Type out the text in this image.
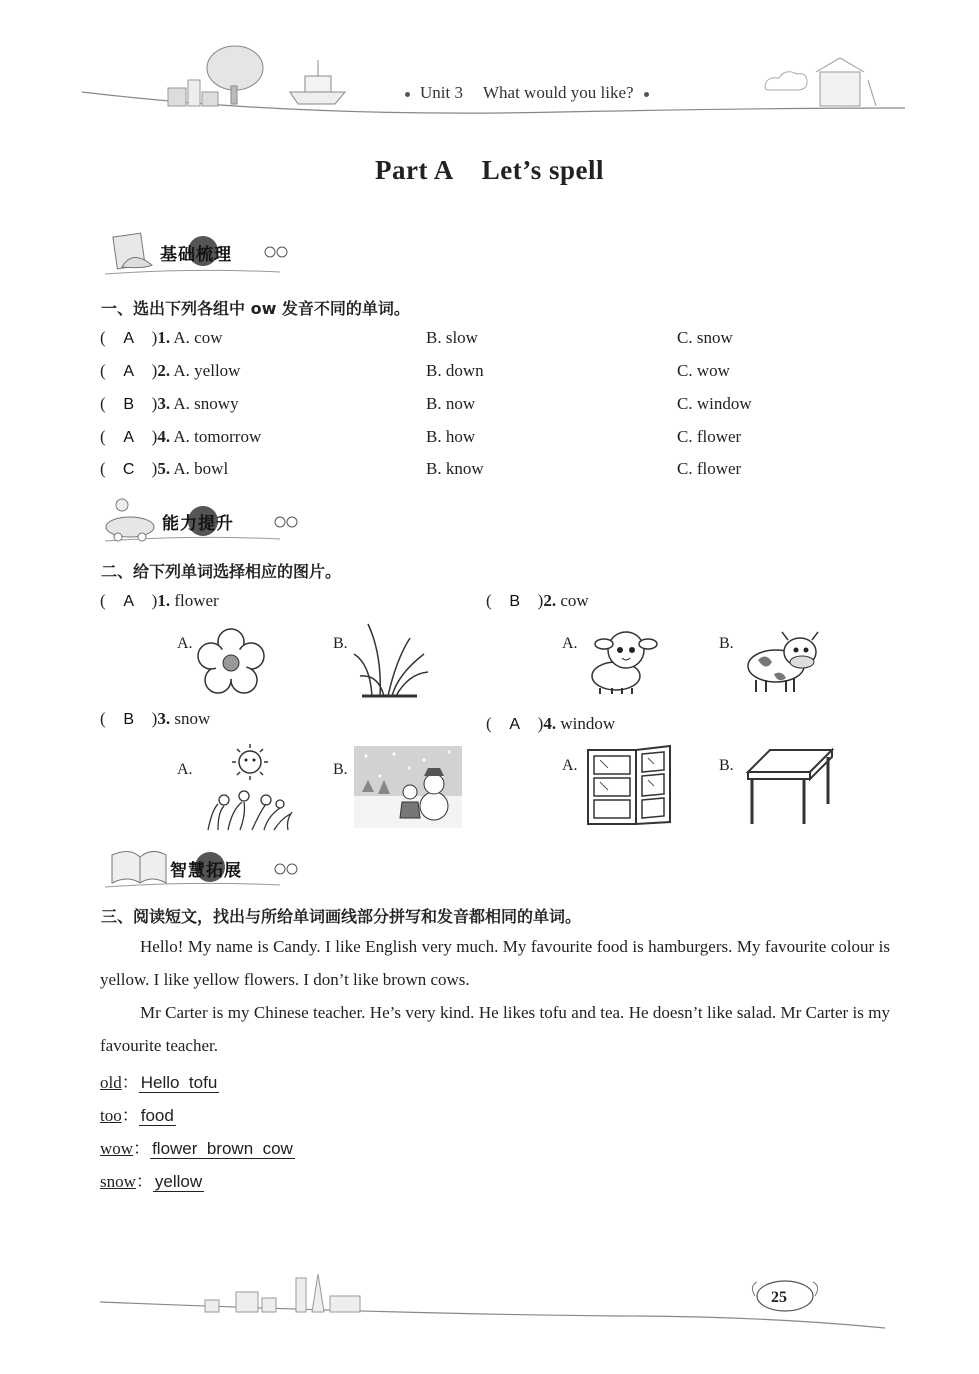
Unit 3 What would you like?
Part A Let’s spell
基础梳理
一、选出下列各组中 ow 发音不同的单词。
( A )1. A. cow	B. slow	C. snow
( A )2. A. yellow	B. down	C. wow
( B )3. A. snowy	B. now	C. window
( A )4. A. tomorrow	B. how	C. flower
( C )5. A. bowl	B. know	C. flower
能力提升
二、给下列单词选择相应的图片。
( A )1. flower	( B )2. cow
A.	B.	A.	B.
( B )3. snow	( A )4. window
A.	B.	A.	B.
智慧拓展
三、阅读短文，找出与所给单词画线部分拼写和发音都相同的单词。
Hello! My name is Candy. I like English very much. My favourite food is hamburgers. My favourite colour is yellow. I like yellow flowers. I don’t like brown cows.
Mr Carter is my Chinese teacher. He’s very kind. He likes tofu and tea. He doesn’t like salad. Mr Carter is my favourite teacher.
old： Hello  tofu
too： food
wow： flower  brown  cow
snow： yellow
25
